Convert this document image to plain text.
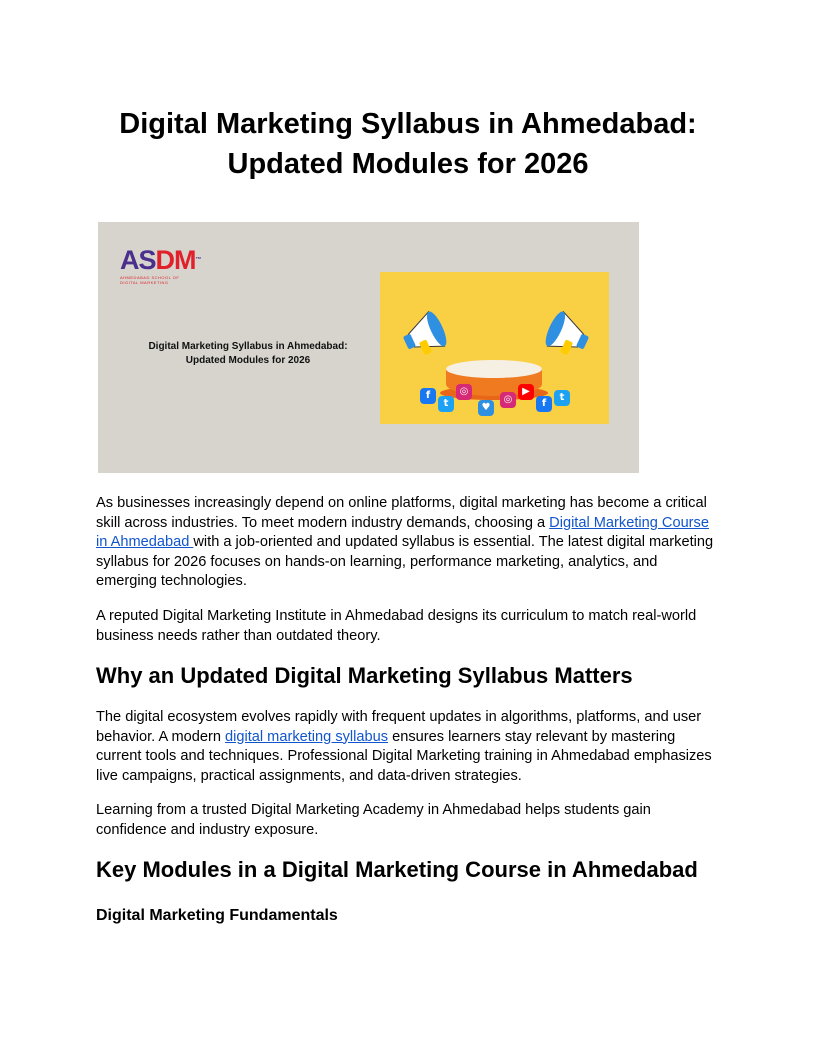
Digital Marketing Syllabus in Ahmedabad:
Updated Modules for 2026
ASDM™
AHMEDABAD SCHOOL OF
DIGITAL MARKETING
Digital Marketing Syllabus in Ahmedabad:
Updated Modules for 2026
f
t
◎
♥
◎
▶
f
t

As businesses increasingly depend on online platforms, digital marketing has become a critical skill across industries. To meet modern industry demands, choosing a Digital Marketing Course in Ahmedabad with a job-oriented and updated syllabus is essential. The latest digital marketing syllabus for 2026 focuses on hands-on learning, performance marketing, analytics, and emerging technologies.

A reputed Digital Marketing Institute in Ahmedabad designs its curriculum to match real-world business needs rather than outdated theory.

Why an Updated Digital Marketing Syllabus Matters

The digital ecosystem evolves rapidly with frequent updates in algorithms, platforms, and user behavior. A modern digital marketing syllabus ensures learners stay relevant by mastering current tools and techniques. Professional Digital Marketing training in Ahmedabad emphasizes live campaigns, practical assignments, and data-driven strategies.

Learning from a trusted Digital Marketing Academy in Ahmedabad helps students gain confidence and industry exposure.

Key Modules in a Digital Marketing Course in Ahmedabad
Digital Marketing Fundamentals
